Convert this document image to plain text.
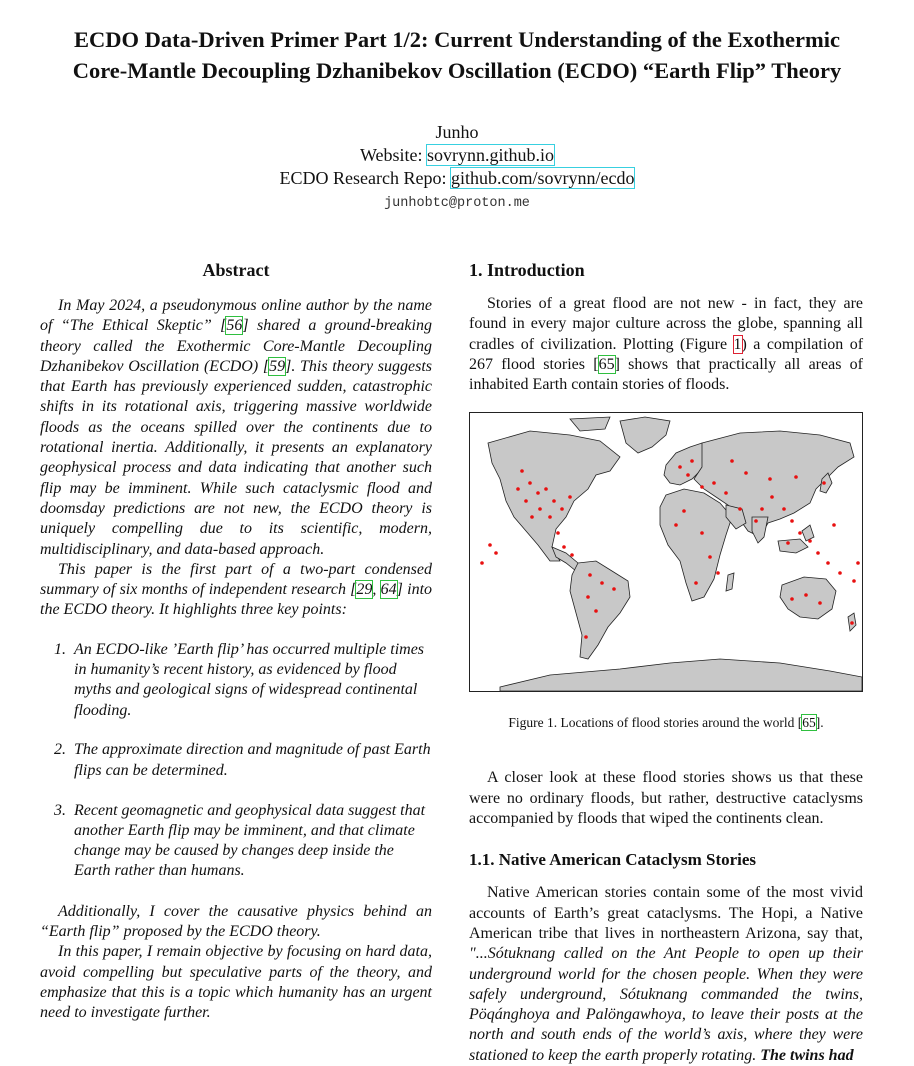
ECDO Data-Driven Primer Part 1/2: Current Understanding of the Exothermic
Core-Mantle Decoupling Dzhanibekov Oscillation (ECDO) “Earth Flip” Theory
Junho
Website: sovrynn.github.io
ECDO Research Repo: github.com/sovrynn/ecdo
junhobtc@proton.me
Abstract

In May 2024, a pseudonymous online author by the name of “The Ethical Skeptic” [56] shared a ground-breaking theory called the Exothermic Core-Mantle Decoupling Dzhanibekov Oscillation (ECDO) [59]. This theory suggests that Earth has previously experienced sudden, catastrophic shifts in its rotational axis, triggering massive worldwide floods as the oceans spilled over the continents due to rotational inertia. Additionally, it presents an explanatory geophysical process and data indicating that another such flip may be imminent. While such cataclysmic flood and doomsday predictions are not new, the ECDO theory is uniquely compelling due to its scientific, modern, multidisciplinary, and data-based approach.

This paper is the first part of a two-part condensed summary of six months of independent research [29, 64] into the ECDO theory. It highlights three key points:

1. An ECDO-like ’Earth flip’ has occurred multiple times in humanity’s recent history, as evidenced by flood myths and geological signs of widespread continental flooding.
2. The approximate direction and magnitude of past Earth flips can be determined.
3. Recent geomagnetic and geophysical data suggest that another Earth flip may be imminent, and that climate change may be caused by changes deep inside the Earth rather than humans.

Additionally, I cover the causative physics behind an “Earth flip” proposed by the ECDO theory.

In this paper, I remain objective by focusing on hard data, avoid compelling but speculative parts of the theory, and emphasize that this is a topic which humanity has an urgent need to investigate further.

1. Introduction

Stories of a great flood are not new - in fact, they are found in every major culture across the globe, spanning all cradles of civilization. Plotting (Figure 1) a compilation of 267 flood stories [65] shows that practically all areas of inhabited Earth contain stories of floods.

Figure 1. Locations of flood stories around the world [65].

A closer look at these flood stories shows us that these were no ordinary floods, but rather, destructive cataclysms accompanied by floods that wiped the continents clean.

1.1. Native American Cataclysm Stories

Native American stories contain some of the most vivid accounts of Earth’s great cataclysms. The Hopi, a Native American tribe that lives in northeastern Arizona, say that, "...Sótuknang called on the Ant People to open up their underground world for the chosen people. When they were safely underground, Sótuknang commanded the twins, Pöqánghoya and Palöngawhoya, to leave their posts at the north and south ends of the world’s axis, where they were stationed to keep the earth properly rotating. The twins had
